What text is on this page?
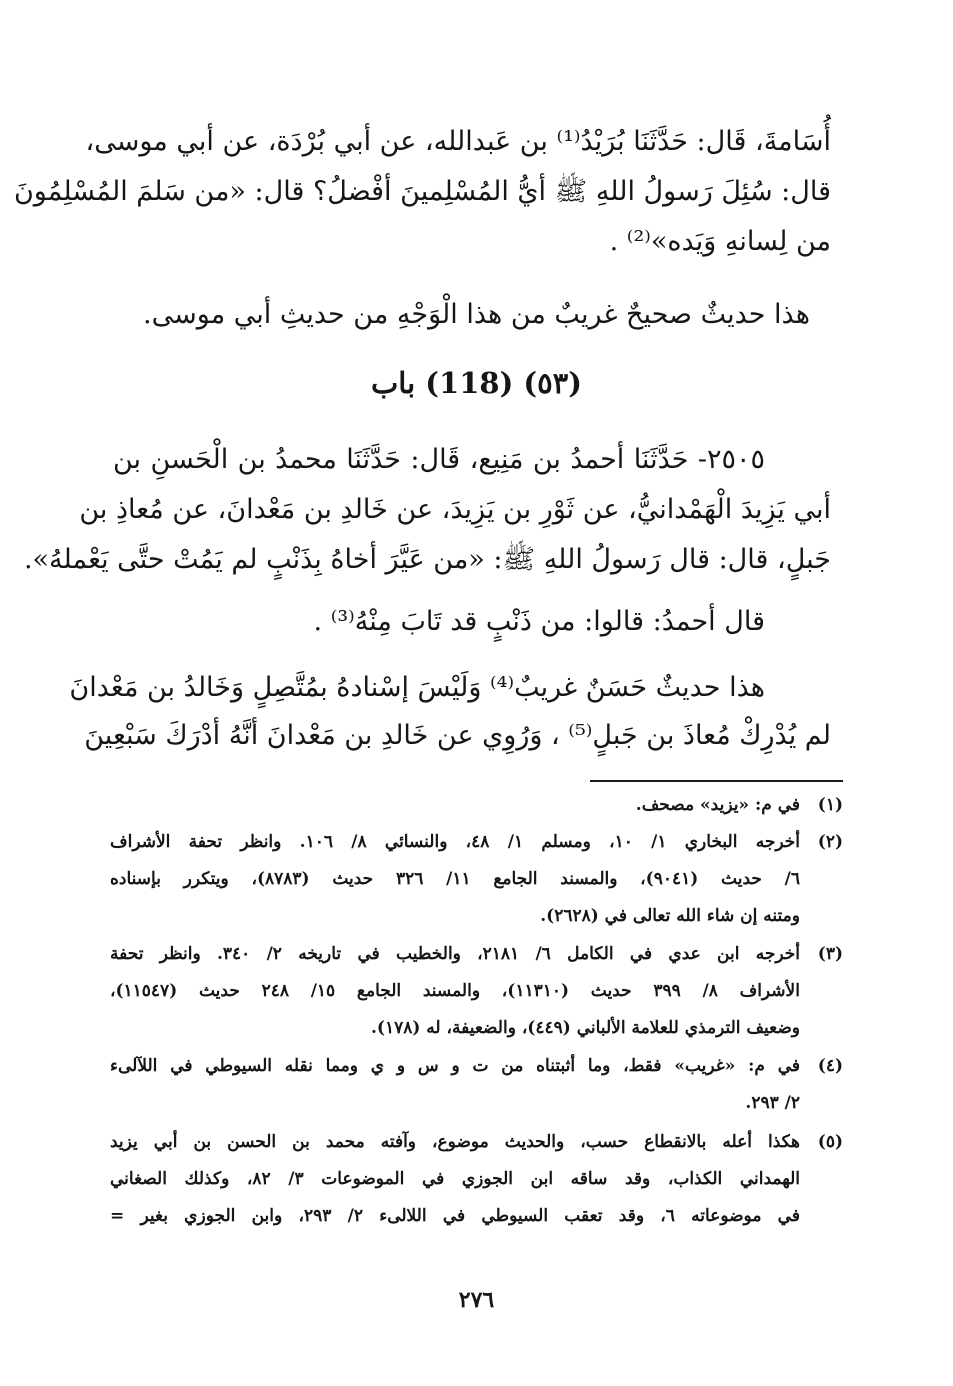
أُسَامةَ، قَال: حَدَّثَنَا بُرَيْدُ⁽¹⁾ بن عَبدالله، عن أبي بُرْدَة، عن أبي موسى،
قال: سُئِلَ رَسولُ اللهِ ﷺ أيُّ المُسْلِمينَ أفْضلُ؟ قال: «من سَلمَ المُسْلِمُونَ
من لِسانهِ وَيَده»⁽²⁾ .
هذا حديثٌ صحيحٌ غريبٌ من هذا الْوَجْهِ من حديثِ أبي موسى.
(٥٣) (118) باب
٢٥٠٥- حَدَّثَنَا أحمدُ بن مَنِيع، قَال: حَدَّثَنَا محمدُ بن الْحَسنِ بن
أبي يَزِيدَ الْهَمْدانيُّ، عن ثَوْرِ بن يَزِيدَ، عن خَالدِ بن مَعْدانَ، عن مُعاذِ بن
جَبلٍ، قال: قال رَسولُ اللهِ ﷺ: «من عَيَّرَ أخاهُ بِذَنْبٍ لم يَمُتْ حتَّى يَعْملهُ».
قال أحمدُ: قالوا: من ذَنْبٍ قد تَابَ مِنْهُ⁽³⁾ .
هذا حديثٌ حَسَنٌ غريبٌ⁽⁴⁾ وَلَيْسَ إسْنادهُ بمُتَّصِلٍ وَخَالدُ بن مَعْدانَ
لم يُدْرِكْ مُعاذَ بن جَبلٍ⁽⁵⁾ ، وَرُوِي عن خَالدِ بن مَعْدانَ أنَّهُ أدْرَكَ سَبْعِينَ
(١)
في م: «يزيد» مصحف.
(٢)
أخرجه البخاري ١/ ١٠، ومسلم ١/ ٤٨، والنسائي ٨/ ١٠٦. وانظر تحفة الأشراف
٦/ حديث (٩٠٤١)، والمسند الجامع ١١/ ٣٢٦ حديث (٨٧٨٣)، ويتكرر بإسناده
ومتنه إن شاء الله تعالى في (٢٦٢٨).
(٣)
أخرجه ابن عدي في الكامل ٦/ ٢١٨١، والخطيب في تاريخه ٢/ ٣٤٠. وانظر تحفة
الأشراف ٨/ ٣٩٩ حديث (١١٣١٠)، والمسند الجامع ١٥/ ٢٤٨ حديث (١١٥٤٧)،
وضعيف الترمذي للعلامة الألباني (٤٤٩)، والضعيفة، له (١٧٨).
(٤)
في م: «غريب» فقط، وما أثبتناه من ت و س و ي ومما نقله السيوطي في اللآلىء
٢/ ٢٩٣.
(٥)
هكذا أعله بالانقطاع حسب، والحديث موضوع، وآفته محمد بن الحسن بن أبي يزيد
الهمداني الكذاب، وقد ساقه ابن الجوزي في الموضوعات ٣/ ٨٢، وكذلك الصغاني
في موضوعاته ٦، وقد تعقب السيوطي في اللالىء ٢/ ٢٩٣، وابن الجوزي بغير =
٢٧٦
